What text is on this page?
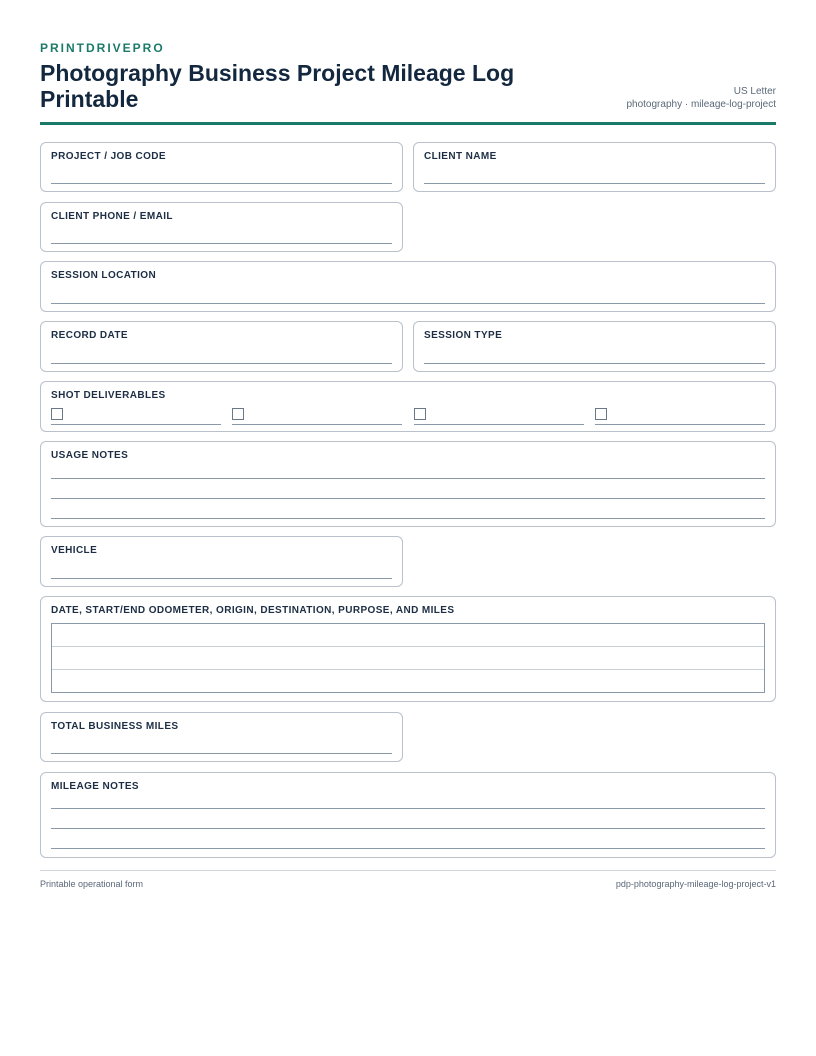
PRINTDRIVEPRO
Photography Business Project Mileage Log Printable	US Letter
photography · mileage-log-project
PROJECT / JOB CODE	CLIENT NAME
CLIENT PHONE / EMAIL
SESSION LOCATION
RECORD DATE	SESSION TYPE
SHOT DELIVERABLES
USAGE NOTES
VEHICLE
DATE, START/END ODOMETER, ORIGIN, DESTINATION, PURPOSE, AND MILES
TOTAL BUSINESS MILES
MILEAGE NOTES
Printable operational form	pdp-photography-mileage-log-project-v1
